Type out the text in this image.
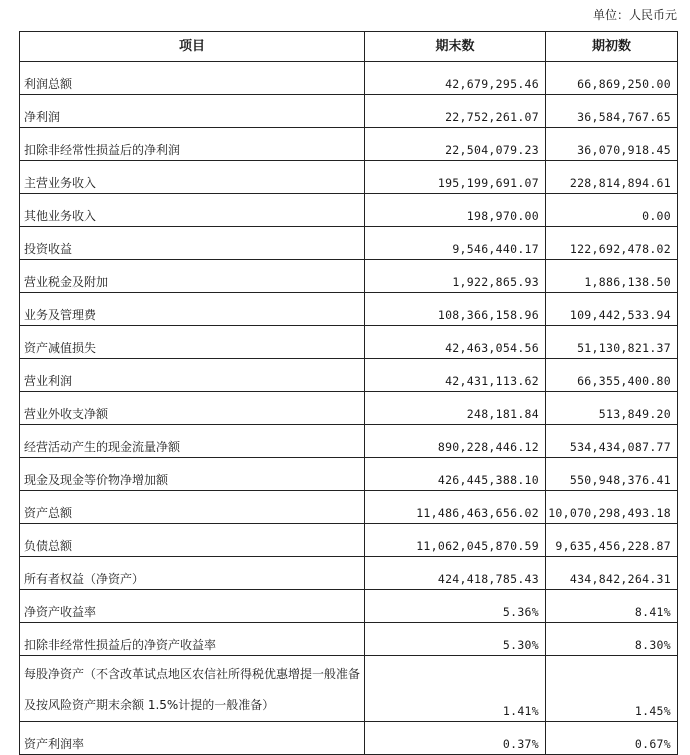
单位：人民币元
项目	期末数	期初数
利润总额	42,679,295.46	66,869,250.00
净利润	22,752,261.07	36,584,767.65
扣除非经常性损益后的净利润	22,504,079.23	36,070,918.45
主营业务收入	195,199,691.07	228,814,894.61
其他业务收入	198,970.00	0.00
投资收益	9,546,440.17	122,692,478.02
营业税金及附加	1,922,865.93	1,886,138.50
业务及管理费	108,366,158.96	109,442,533.94
资产减值损失	42,463,054.56	51,130,821.37
营业利润	42,431,113.62	66,355,400.80
营业外收支净额	248,181.84	513,849.20
经营活动产生的现金流量净额	890,228,446.12	534,434,087.77
现金及现金等价物净增加额	426,445,388.10	550,948,376.41
资产总额	11,486,463,656.02	10,070,298,493.18
负债总额	11,062,045,870.59	9,635,456,228.87
所有者权益（净资产）	424,418,785.43	434,842,264.31
净资产收益率	5.36%	8.41%
扣除非经常性损益后的净资产收益率	5.30%	8.30%
每股净资产（不含改革试点地区农信社所得税优惠增提一般准备及按风险资产期末余额 1.5%计提的一般准备）	1.41%	1.45%
资产利润率	0.37%	0.67%
